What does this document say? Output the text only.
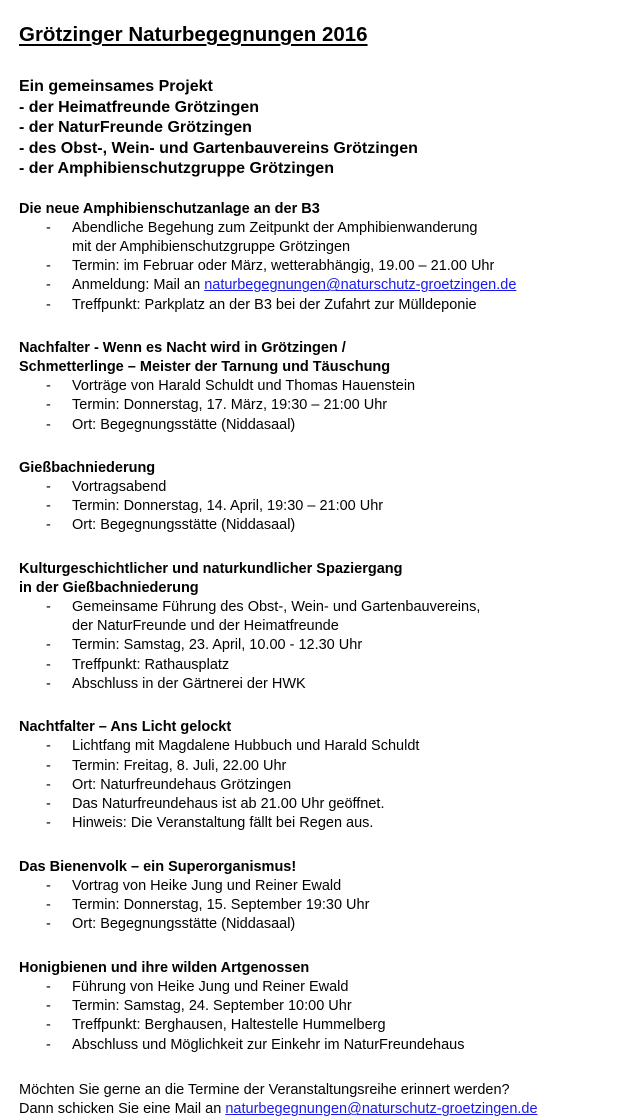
Grötzinger Naturbegegnungen 2016
Ein gemeinsames Projekt
- der Heimatfreunde Grötzingen
- der NaturFreunde Grötzingen
- des Obst-, Wein- und Gartenbauvereins Grötzingen
- der Amphibienschutzgruppe Grötzingen
Die neue Amphibienschutzanlage an der B3
- Abendliche Begehung zum Zeitpunkt der Amphibienwanderung
mit der Amphibienschutzgruppe Grötzingen
- Termin: im Februar oder März, wetterabhängig, 19.00 – 21.00 Uhr
- Anmeldung: Mail an naturbegegnungen@naturschutz-groetzingen.de
- Treffpunkt: Parkplatz an der B3 bei der Zufahrt zur Mülldeponie
Nachfalter - Wenn es Nacht wird in Grötzingen /
Schmetterlinge – Meister der Tarnung und Täuschung
- Vorträge von Harald Schuldt und Thomas Hauenstein
- Termin: Donnerstag, 17. März, 19:30 – 21:00 Uhr
- Ort: Begegnungsstätte (Niddasaal)
Gießbachniederung
- Vortragsabend
- Termin: Donnerstag, 14. April, 19:30 – 21:00 Uhr
- Ort: Begegnungsstätte (Niddasaal)
Kulturgeschichtlicher und naturkundlicher Spaziergang
in der Gießbachniederung
- Gemeinsame Führung des Obst-, Wein- und Gartenbauvereins,
der NaturFreunde und der Heimatfreunde
- Termin: Samstag, 23. April, 10.00 - 12.30 Uhr
- Treffpunkt: Rathausplatz
- Abschluss in der Gärtnerei der HWK
Nachtfalter – Ans Licht gelockt
- Lichtfang mit Magdalene Hubbuch und Harald Schuldt
- Termin: Freitag, 8. Juli, 22.00 Uhr
- Ort: Naturfreundehaus Grötzingen
- Das Naturfreundehaus ist ab 21.00 Uhr geöffnet.
- Hinweis: Die Veranstaltung fällt bei Regen aus.
Das Bienenvolk – ein Superorganismus!
- Vortrag von Heike Jung und Reiner Ewald
- Termin: Donnerstag, 15. September 19:30 Uhr
- Ort: Begegnungsstätte (Niddasaal)
Honigbienen und ihre wilden Artgenossen
- Führung von Heike Jung und Reiner Ewald
- Termin: Samstag, 24. September 10:00 Uhr
- Treffpunkt: Berghausen, Haltestelle Hummelberg
- Abschluss und Möglichkeit zur Einkehr im NaturFreundehaus
Möchten Sie gerne an die Termine der Veranstaltungsreihe erinnert werden?
Dann schicken Sie eine Mail an naturbegegnungen@naturschutz-groetzingen.de
